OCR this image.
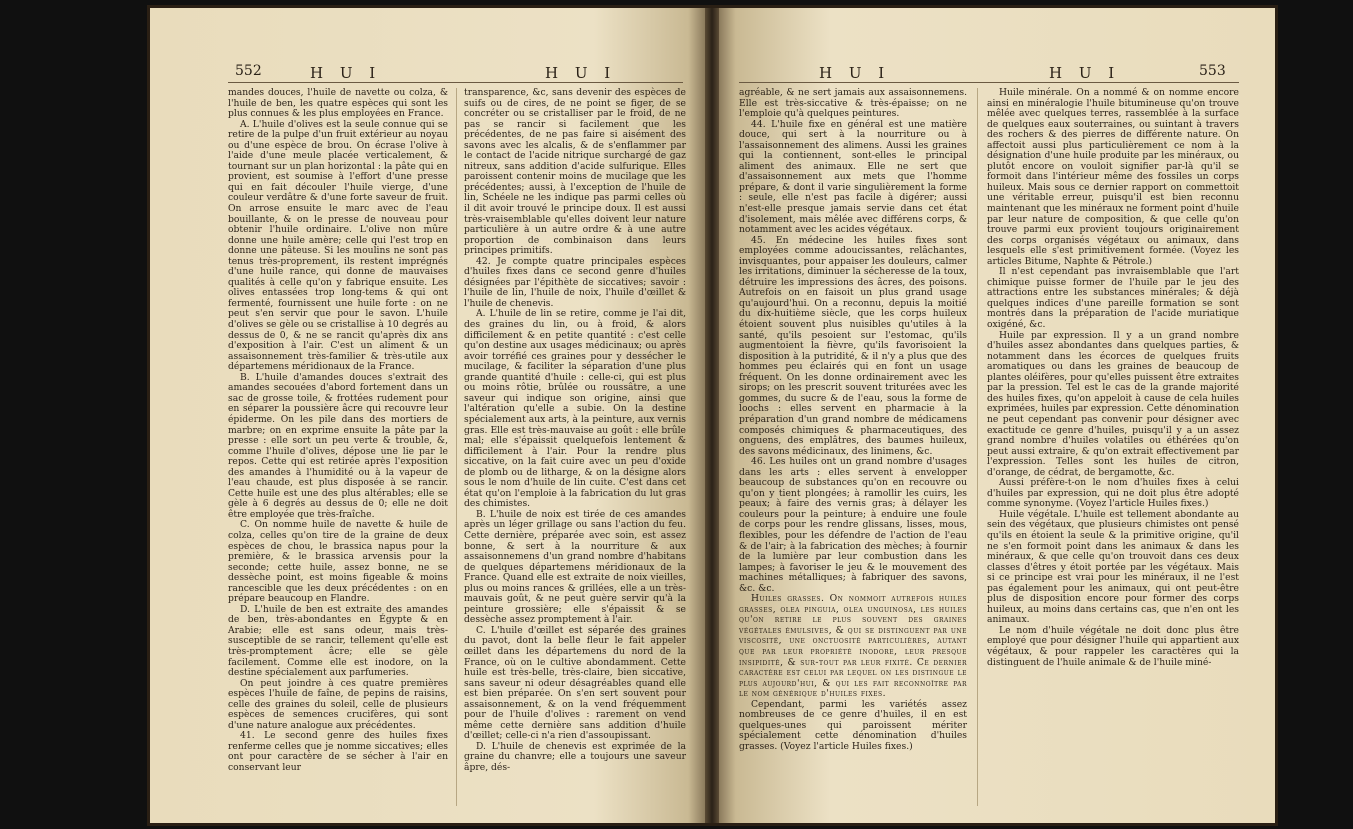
552	H U I	H U I

mandes douces, l'huile de navette ou colza, & l'huile de ben, les quatre espèces qui sont les plus connues & les plus employées en France.

A. L'huile d'olives est la seule connue qui se retire de la pulpe d'un fruit extérieur au noyau ou d'une espèce de brou. On écrase l'olive à l'aide d'une meule placée verticalement, & tournant sur un plan horizontal : la pâte qui en provient, est soumise à l'effort d'une presse qui en fait découler l'huile vierge, d'une couleur verdâtre & d'une forte saveur de fruit. On arrose ensuite le marc avec de l'eau bouillante, & on le presse de nouveau pour obtenir l'huile ordinaire. L'olive non mûre donne une huile amère; celle qui l'est trop en donne une pâteuse. Si les moulins ne sont pas tenus très-proprement, ils restent imprégnés d'une huile rance, qui donne de mauvaises qualités à celle qu'on y fabrique ensuite. Les olives entassées trop long-tems & qui ont fermenté, fournissent une huile forte : on ne peut s'en servir que pour le savon. L'huile d'olives se gèle ou se cristallise à 10 degrés au dessus de 0, & ne se rancit qu'après dix ans d'exposition à l'air. C'est un aliment & un assaisonnement très-familier & très-utile aux départemens méridionaux de la France.

B. L'huile d'amandes douces s'extrait des amandes secouées d'abord fortement dans un sac de grosse toile, & frottées rudement pour en séparer la poussière âcre qui recouvre leur épiderme. On les pile dans des mortiers de marbre; on en exprime ensuite la pâte par la presse : elle sort un peu verte & trouble, &, comme l'huile d'olives, dépose une lie par le repos. Cette qui est retirée après l'exposition des amandes à l'humidité ou à la vapeur de l'eau chaude, est plus disposée à se rancir. Cette huile est une des plus altérables; elle se gèle à 6 degrés au dessus de 0; elle ne doit être employée que très-fraîche.

C. On nomme huile de navette & huile de colza, celles qu'on tire de la graine de deux espèces de chou, le brassica napus pour la première, & le brassica arvensis pour la seconde; cette huile, assez bonne, ne se dessèche point, est moins figeable & moins rancescible que les deux précédentes : on en prépare beaucoup en Flandre.

D. L'huile de ben est extraite des amandes de ben, très-abondantes en Égypte & en Arabie; elle est sans odeur, mais très-susceptible de se rancir, tellement qu'elle est très-promptement âcre; elle se gèle facilement. Comme elle est inodore, on la destine spécialement aux parfumeries.

On peut joindre à ces quatre premières espèces l'huile de faîne, de pepins de raisins, celle des graines du soleil, celle de plusieurs espèces de semences crucifères, qui sont d'une nature analogue aux précédentes.

41. Le second genre des huiles fixes renferme celles que je nomme siccatives; elles ont pour caractère de se sécher à l'air en conservant leur

transparence, &c, sans devenir des espèces de suifs ou de cires, de ne point se figer, de se concréter ou se cristalliser par le froid, de ne pas se rancir si facilement que les précédentes, de ne pas faire si aisément des savons avec les alcalis, & de s'enflammer par le contact de l'acide nitrique surchargé de gaz nitreux, sans addition d'acide sulfurique. Elles paroissent contenir moins de mucilage que les précédentes; aussi, à l'exception de l'huile de lin, Schéele ne les indique pas parmi celles où il dit avoir trouvé le principe doux. Il est aussi très-vraisemblable qu'elles doivent leur nature particulière à un autre ordre & à une autre proportion de combinaison dans leurs principes primitifs.

42. Je compte quatre principales espèces d'huiles fixes dans ce second genre d'huiles désignées par l'épithète de siccatives; savoir : l'huile de lin, l'huile de noix, l'huile d'œillet & l'huile de chenevis.

A. L'huile de lin se retire, comme je l'ai dit, des graines du lin, ou à froid, & alors difficilement & en petite quantité : c'est celle qu'on destine aux usages médicinaux; ou après avoir torréfié ces graines pour y dessécher le mucilage, & faciliter la séparation d'une plus grande quantité d'huile : celle-ci, qui est plus ou moins rôtie, brûlée ou roussâtre, a une saveur qui indique son origine, ainsi que l'altération qu'elle a subie. On la destine spécialement aux arts, à la peinture, aux vernis gras. Elle est très-mauvaise au goût : elle brûle mal; elle s'épaissit quelquefois lentement & difficilement à l'air. Pour la rendre plus siccative, on la fait cuire avec un peu d'oxide de plomb ou de litharge, & on la désigne alors sous le nom d'huile de lin cuite. C'est dans cet état qu'on l'emploie à la fabrication du lut gras des chimistes.

B. L'huile de noix est tirée de ces amandes après un léger grillage ou sans l'action du feu. Cette dernière, préparée avec soin, est assez bonne, & sert à la nourriture & aux assaisonnemens d'un grand nombre d'habitans de quelques départemens méridionaux de la France. Quand elle est extraite de noix vieilles, plus ou moins rances & grillées, elle a un très-mauvais goût, & ne peut guère servir qu'à la peinture grossière; elle s'épaissit & se dessèche assez promptement à l'air.

C. L'huile d'œillet est séparée des graines du pavot, dont la belle fleur le fait appeler œillet dans les départemens du nord de la France, où on le cultive abondamment. Cette huile est très-belle, très-claire, bien siccative, sans saveur ni odeur désagréables quand elle est bien préparée. On s'en sert souvent pour assaisonnement, & on la vend fréquemment pour de l'huile d'olives : rarement on vend même cette dernière sans addition d'huile d'œillet; celle-ci n'a rien d'assoupissant.

D. L'huile de chenevis est exprimée de la graine du chanvre; elle a toujours une saveur âpre, dés-

H U I	H U I	553

agréable, & ne sert jamais aux assaisonnemens. Elle est très-siccative & très-épaisse; on ne l'emploie qu'à quelques peintures.

44. L'huile fixe en général est une matière douce, qui sert à la nourriture ou à l'assaisonnement des alimens. Aussi les graines qui la contiennent, sont-elles le principal aliment des animaux. Elle ne sert que d'assaisonnement aux mets que l'homme prépare, & dont il varie singulièrement la forme : seule, elle n'est pas facile à digérer; aussi n'est-elle presque jamais servie dans cet état d'isolement, mais mêlée avec différens corps, & notamment avec les acides végétaux.

45. En médecine les huiles fixes sont employées comme adoucissantes, relâchantes, invisquantes, pour appaiser les douleurs, calmer les irritations, diminuer la sécheresse de la toux, détruire les impressions des âcres, des poisons. Autrefois on en faisoit un plus grand usage qu'aujourd'hui. On a reconnu, depuis la moitié du dix-huitième siècle, que les corps huileux étoient souvent plus nuisibles qu'utiles à la santé, qu'ils pesoient sur l'estomac, qu'ils augmentoient la fièvre, qu'ils favorisoient la disposition à la putridité, & il n'y a plus que des hommes peu éclairés qui en font un usage fréquent. On les donne ordinairement avec les sirops; on les prescrit souvent triturées avec les gommes, du sucre & de l'eau, sous la forme de loochs : elles servent en pharmacie à la préparation d'un grand nombre de médicamens composés chimiques & pharmaceutiques, des onguens, des emplâtres, des baumes huileux, des savons médicinaux, des linimens, &c.

46. Les huiles ont un grand nombre d'usages dans les arts : elles servent à envelopper beaucoup de substances qu'on en recouvre ou qu'on y tient plongées; à ramollir les cuirs, les peaux; à faire des vernis gras; à délayer les couleurs pour la peinture; à enduire une foule de corps pour les rendre glissans, lisses, mous, flexibles, pour les défendre de l'action de l'eau & de l'air; à la fabrication des mèches; à fournir de la lumière par leur combustion dans les lampes; à favoriser le jeu & le mouvement des machines métalliques; à fabriquer des savons, &c. &c.

Huiles grasses. On nommoit autrefois huiles grasses, olea pinguia, olea unguinosa, les huiles qu'on retire le plus souvent des graines végétales émulsives, & qui se distinguent par une viscosité, une onctuosité particulières, autant que par leur propriété inodore, leur presque insipidité, & sur-tout par leur fixité. Ce dernier caractère est celui par lequel on les distingue le plus aujourd'hui, & qui les fait reconnoître par le nom générique d'huiles fixes.

Cependant, parmi les variétés assez nombreuses de ce genre d'huiles, il en est quelques-unes qui paroissent mériter spécialement cette dénomination d'huiles grasses. (Voyez l'article Huiles fixes.)

Huile minérale. On a nommé & on nomme encore ainsi en minéralogie l'huile bitumineuse qu'on trouve mêlée avec quelques terres, rassemblée à la surface de quelques eaux souterraines, ou suintant à travers des rochers & des pierres de différente nature. On affectoit aussi plus particulièrement ce nom à la désignation d'une huile produite par les minéraux, ou plutôt encore on vouloit signifier par-là qu'il se formoit dans l'intérieur même des fossiles un corps huileux. Mais sous ce dernier rapport on commettoit une véritable erreur, puisqu'il est bien reconnu maintenant que les minéraux ne forment point d'huile par leur nature de composition, & que celle qu'on trouve parmi eux provient toujours originairement des corps organisés végétaux ou animaux, dans lesquels elle s'est primitivement formée. (Voyez les articles Bitume, Naphte & Pétrole.)

Il n'est cependant pas invraisemblable que l'art chimique puisse former de l'huile par le jeu des attractions entre les substances minérales; & déjà quelques indices d'une pareille formation se sont montrés dans la préparation de l'acide muriatique oxigéné, &c.

Huile par expression. Il y a un grand nombre d'huiles assez abondantes dans quelques parties, & notamment dans les écorces de quelques fruits aromatiques ou dans les graines de beaucoup de plantes oléifères, pour qu'elles puissent être extraites par la pression. Tel est le cas de la grande majorité des huiles fixes, qu'on appeloit à cause de cela huiles exprimées, huiles par expression. Cette dénomination ne peut cependant pas convenir pour désigner avec exactitude ce genre d'huiles, puisqu'il y a un assez grand nombre d'huiles volatiles ou éthérées qu'on peut aussi extraire, & qu'on extrait effectivement par l'expression. Telles sont les huiles de citron, d'orange, de cédrat, de bergamotte, &c.

Aussi préfère-t-on le nom d'huiles fixes à celui d'huiles par expression, qui ne doit plus être adopté comme synonyme. (Voyez l'article Huiles fixes.)

Huile végétale. L'huile est tellement abondante au sein des végétaux, que plusieurs chimistes ont pensé qu'ils en étoient la seule & la primitive origine, qu'il ne s'en formoit point dans les animaux & dans les minéraux, & que celle qu'on trouvoit dans ces deux classes d'êtres y étoit portée par les végétaux. Mais si ce principe est vrai pour les minéraux, il ne l'est pas également pour les animaux, qui ont peut-être plus de disposition encore pour former des corps huileux, au moins dans certains cas, que n'en ont les animaux.

Le nom d'huile végétale ne doit donc plus être employé que pour désigner l'huile qui appartient aux végétaux, & pour rappeler les caractères qui la distinguent de l'huile animale & de l'huile miné-
